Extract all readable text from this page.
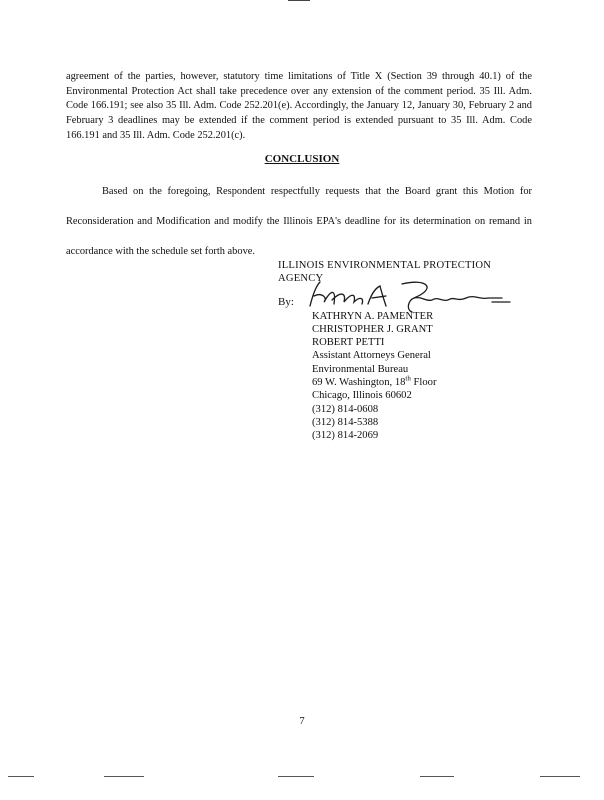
agreement of the parties, however, statutory time limitations of Title X (Section 39 through 40.1) of the Environmental Protection Act shall take precedence over any extension of the comment period. 35 Ill. Adm. Code 166.191; see also 35 Ill. Adm. Code 252.201(e). Accordingly, the January 12, January 30, February 2 and February 3 deadlines may be extended if the comment period is extended pursuant to 35 Ill. Adm. Code 166.191 and 35 Ill. Adm. Code 252.201(c).
CONCLUSION
Based on the foregoing, Respondent respectfully requests that the Board grant this Motion for Reconsideration and Modification and modify the Illinois EPA's deadline for its determination on remand in accordance with the schedule set forth above.
ILLINOIS ENVIRONMENTAL PROTECTION
AGENCY
By:
KATHRYN A. PAMENTER
CHRISTOPHER J. GRANT
ROBERT PETTI
Assistant Attorneys General
Environmental Bureau
69 W. Washington, 18th Floor
Chicago, Illinois 60602
(312) 814-0608
(312) 814-5388
(312) 814-2069
7
